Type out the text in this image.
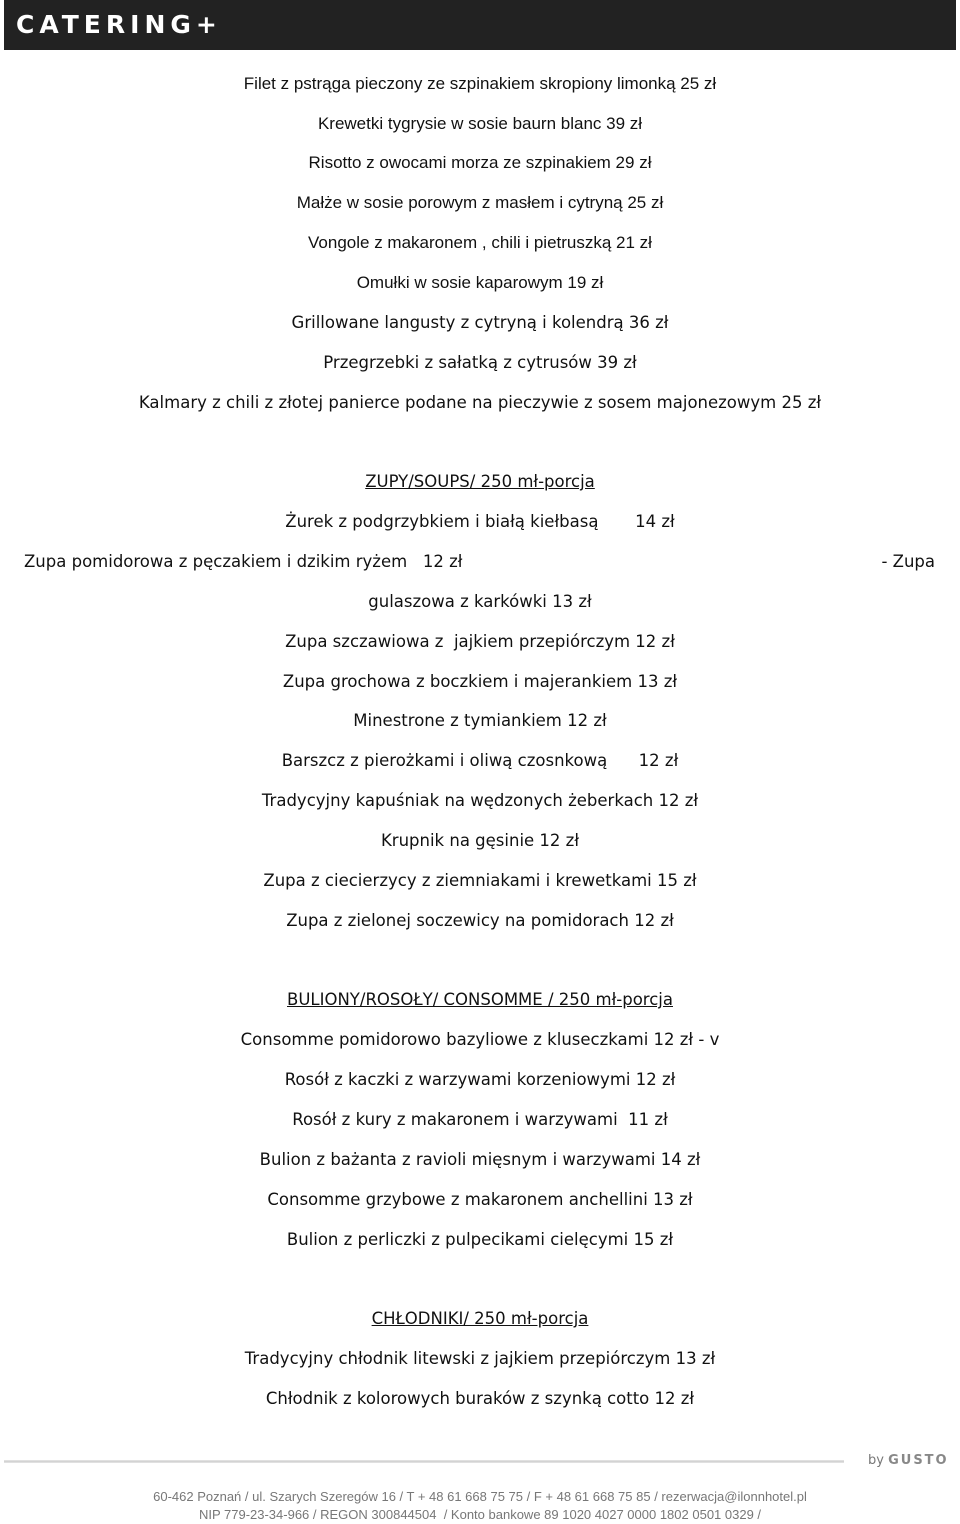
CATERING+
Filet z pstrąga pieczony ze szpinakiem skropiony limonką 25 zł
Krewetki tygrysie w sosie baurn blanc 39 zł
Risotto z owocami morza ze szpinakiem 29 zł
Małże w sosie porowym z masłem i cytryną 25 zł
Vongole z makaronem , chili i pietruszką 21 zł
Omułki w sosie kaparowym 19 zł
Grillowane langusty z cytryną i kolendrą 36 zł
Przegrzebki z sałatką z cytrusów 39 zł
Kalmary z chili z złotej panierce podane na pieczywie z sosem majonezowym 25 zł
ZUPY/SOUPS/ 250 mł-porcja
Żurek z podgrzybkiem i białą kiełbasą       14 zł
Zupa pomidorowa z pęczakiem i dzikim ryżem   12 zł	- Zupa
gulaszowa z karkówki 13 zł
Zupa szczawiowa z  jajkiem przepiórczym 12 zł
Zupa grochowa z boczkiem i majerankiem 13 zł
Minestrone z tymiankiem 12 zł
Barszcz z pierożkami i oliwą czosnkową      12 zł
Tradycyjny kapuśniak na wędzonych żeberkach 12 zł
Krupnik na gęsinie 12 zł
Zupa z ciecierzycy z ziemniakami i krewetkami 15 zł
Zupa z zielonej soczewicy na pomidorach 12 zł
BULIONY/ROSOŁY/ CONSOMME / 250 mł-porcja
Consomme pomidorowo bazyliowe z kluseczkami 12 zł - v
Rosół z kaczki z warzywami korzeniowymi 12 zł
Rosół z kury z makaronem i warzywami  11 zł
Bulion z bażanta z ravioli mięsnym i warzywami 14 zł
Consomme grzybowe z makaronem anchellini 13 zł
Bulion z perliczki z pulpecikami cielęcymi 15 zł
CHŁODNIKI/ 250 mł-porcja
Tradycyjny chłodnik litewski z jajkiem przepiórczym 13 zł
Chłodnik z kolorowych buraków z szynką cotto 12 zł
by GUSTO
60-462 Poznań / ul. Szarych Szeregów 16 / T + 48 61 668 75 75 / F + 48 61 668 75 85 / rezerwacja@ilonnhotel.pl
NIP 779-23-34-966 / REGON 300844504  / Konto bankowe 89 1020 4027 0000 1802 0501 0329 /
